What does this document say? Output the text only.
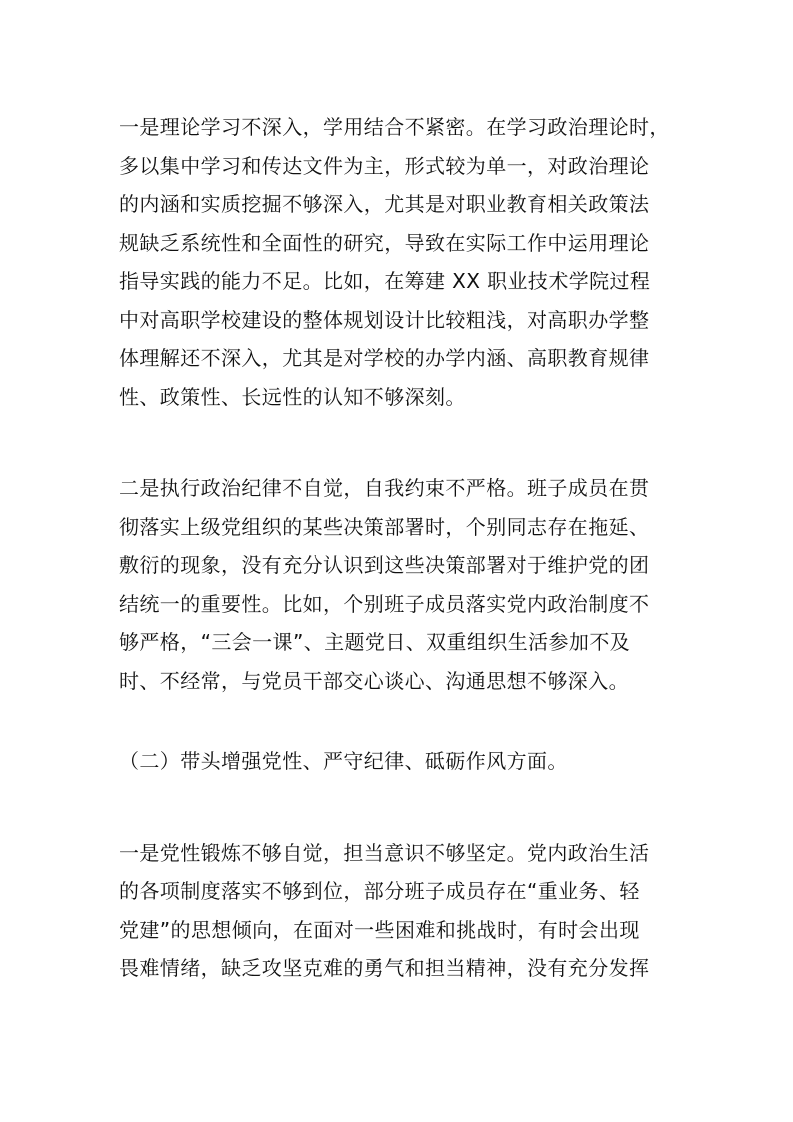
一是理论学习不深入，学用结合不紧密。在学习政治理论时，
多以集中学习和传达文件为主，形式较为单一，对政治理论
的内涵和实质挖掘不够深入，尤其是对职业教育相关政策法
规缺乏系统性和全面性的研究，导致在实际工作中运用理论
指导实践的能力不足。比如，在筹建 XX 职业技术学院过程
中对高职学校建设的整体规划设计比较粗浅，对高职办学整
体理解还不深入，尤其是对学校的办学内涵、高职教育规律
性、政策性、长远性的认知不够深刻。

二是执行政治纪律不自觉，自我约束不严格。班子成员在贯
彻落实上级党组织的某些决策部署时，个别同志存在拖延、
敷衍的现象，没有充分认识到这些决策部署对于维护党的团
结统一的重要性。比如，个别班子成员落实党内政治制度不
够严格，“三会一课”、主题党日、双重组织生活参加不及
时、不经常，与党员干部交心谈心、沟通思想不够深入。

（二）带头增强党性、严守纪律、砥砺作风方面。

一是党性锻炼不够自觉，担当意识不够坚定。党内政治生活
的各项制度落实不够到位，部分班子成员存在“重业务、轻
党建”的思想倾向，在面对一些困难和挑战时，有时会出现
畏难情绪，缺乏攻坚克难的勇气和担当精神，没有充分发挥
